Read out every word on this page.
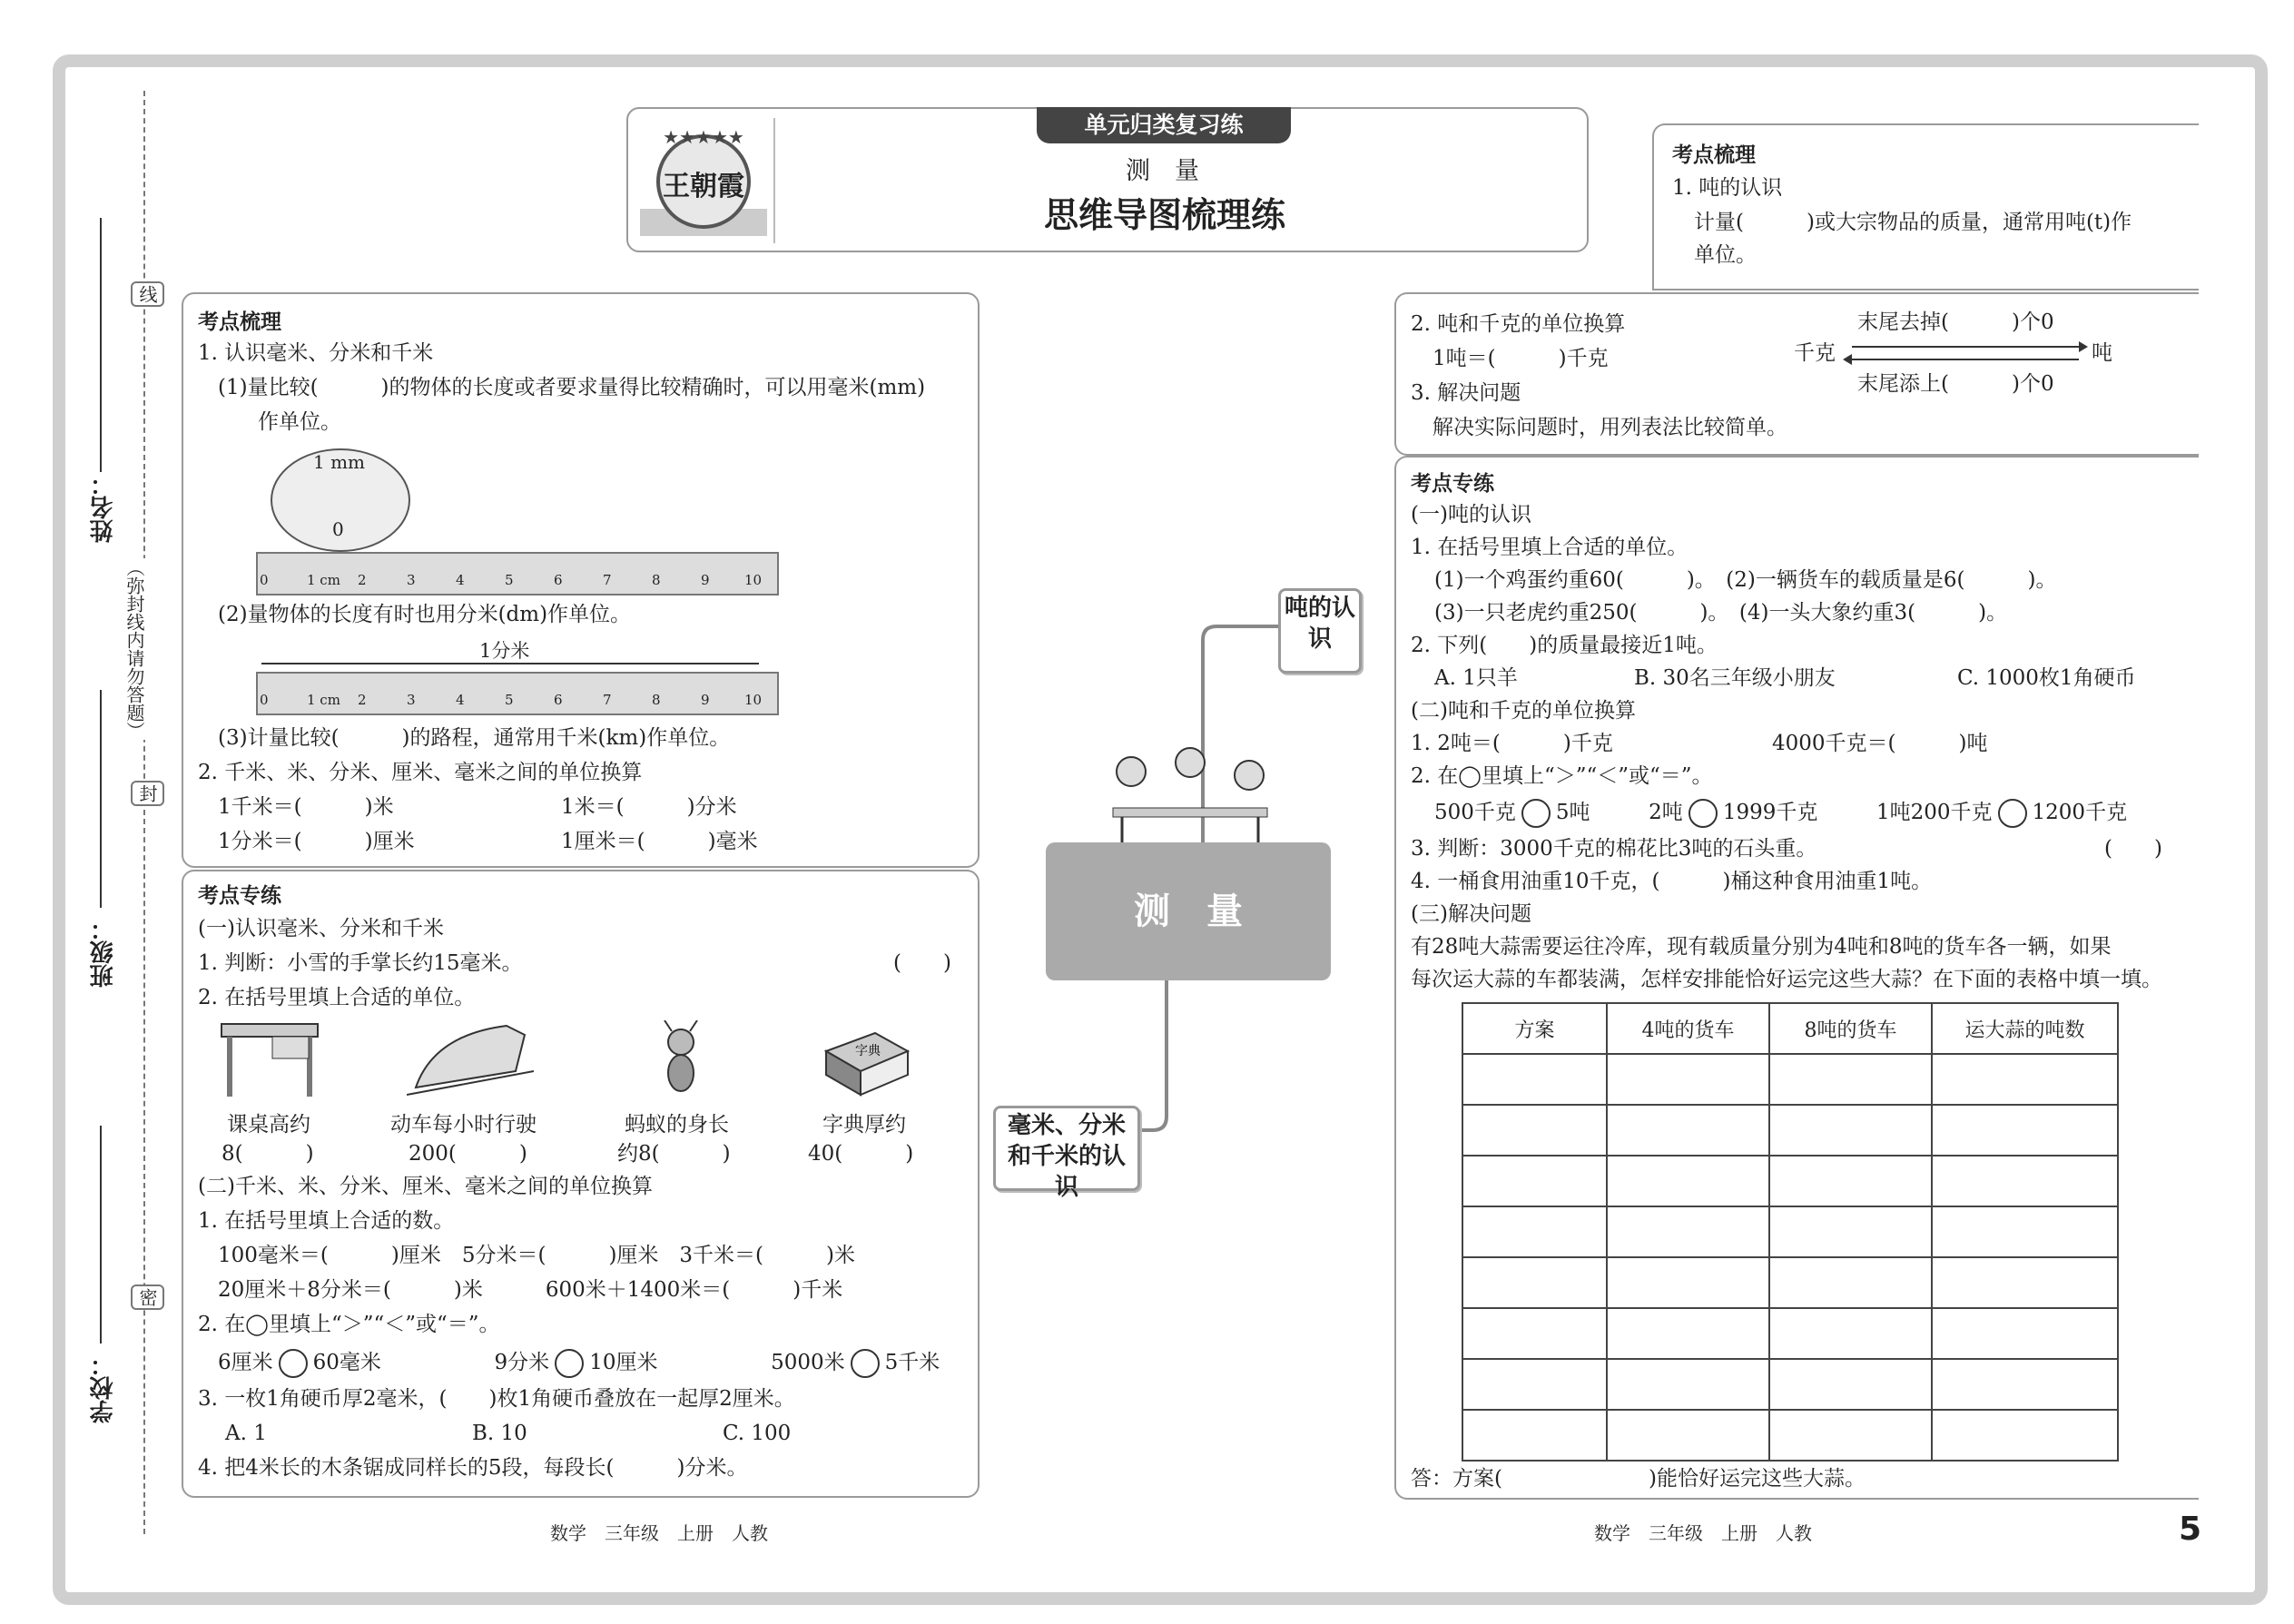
姓名：
班级：
学校：
线
封
密
（弥封线内请勿答题）
王朝霞
★★★★★	单元归类复习练
测　量
思维导图梳理练
考点梳理
1. 认识毫米、分米和千米
(1)量比较(　　　)的物体的长度或者要求量得比较精确时，可以用毫米(mm)
作单位。
1 mm
0
0	1 cm 2	3	4	5	6	7	8	9	10
(2)量物体的长度有时也用分米(dm)作单位。
1分米
0	1 cm 2	3	4	5	6	7	8	9	10
(3)计量比较(　　　)的路程，通常用千米(km)作单位。
2. 千米、米、分米、厘米、毫米之间的单位换算
1千米＝(　　　)米	1米＝(　　　)分米
1分米＝(　　　)厘米	1厘米＝(　　　)毫米
考点专练
(一)认识毫米、分米和千米
1. 判断：小雪的手掌长约15毫米。	(　　)
2. 在括号里填上合适的单位。
字典
课桌高约
8(　　　)
动车每小时行驶
200(　　　)
蚂蚁的身长
约8(　　　)
字典厚约
40(　　　)
(二)千米、米、分米、厘米、毫米之间的单位换算
1. 在括号里填上合适的数。
100毫米＝(　　　)厘米　5分米＝(　　　)厘米　3千米＝(　　　)米
20厘米＋8分米＝(　　　)米　　　600米＋1400米＝(　　　)千米
2. 在◯里填上“＞”“＜”或“＝”。
6厘米 60毫米	9分米 10厘米	5000米 5千米
3. 一枚1角硬币厚2毫米，(　　)枚1角硬币叠放在一起厚2厘米。
A. 1	B. 10	C. 100
4. 把4米长的木条锯成同样长的5段，每段长(　　　)分米。
测　量
吨的认识
毫米、分米和千米的认识
考点梳理
1. 吨的认识
计量(　　　)或大宗物品的质量，通常用吨(t)作
单位。
2. 吨和千克的单位换算
1吨＝(　　　)千克
3. 解决问题
解决实际问题时，用列表法比较简单。
末尾去掉(　　　)个0
千克	吨
末尾添上(　　　)个0
考点专练
(一)吨的认识
1. 在括号里填上合适的单位。
(1)一个鸡蛋约重60(　　　)。　(2)一辆货车的载质量是6(　　　)。
(3)一只老虎约重250(　　　)。　(4)一头大象约重3(　　　)。
2. 下列(　　)的质量最接近1吨。
A. 1只羊	B. 30名三年级小朋友	C. 1000枚1角硬币
(二)吨和千克的单位换算
1. 2吨＝(　　　)千克	4000千克＝(　　　)吨
2. 在◯里填上“＞”“＜”或“＝”。
500千克 5吨	2吨 1999千克	1吨200千克 1200千克
3. 判断：3000千克的棉花比3吨的石头重。	(　　)
4. 一桶食用油重10千克，(　　　)桶这种食用油重1吨。
(三)解决问题
有28吨大蒜需要运往冷库，现有载质量分别为4吨和8吨的货车各一辆，如果
每次运大蒜的车都装满，怎样安排能恰好运完这些大蒜？在下面的表格中填一填。
方案	4吨的货车	8吨的货车	运大蒜的吨数

答：方案(　　　　　　　)能恰好运完这些大蒜。
数学　三年级　上册　人教	数学　三年级　上册　人教	5
